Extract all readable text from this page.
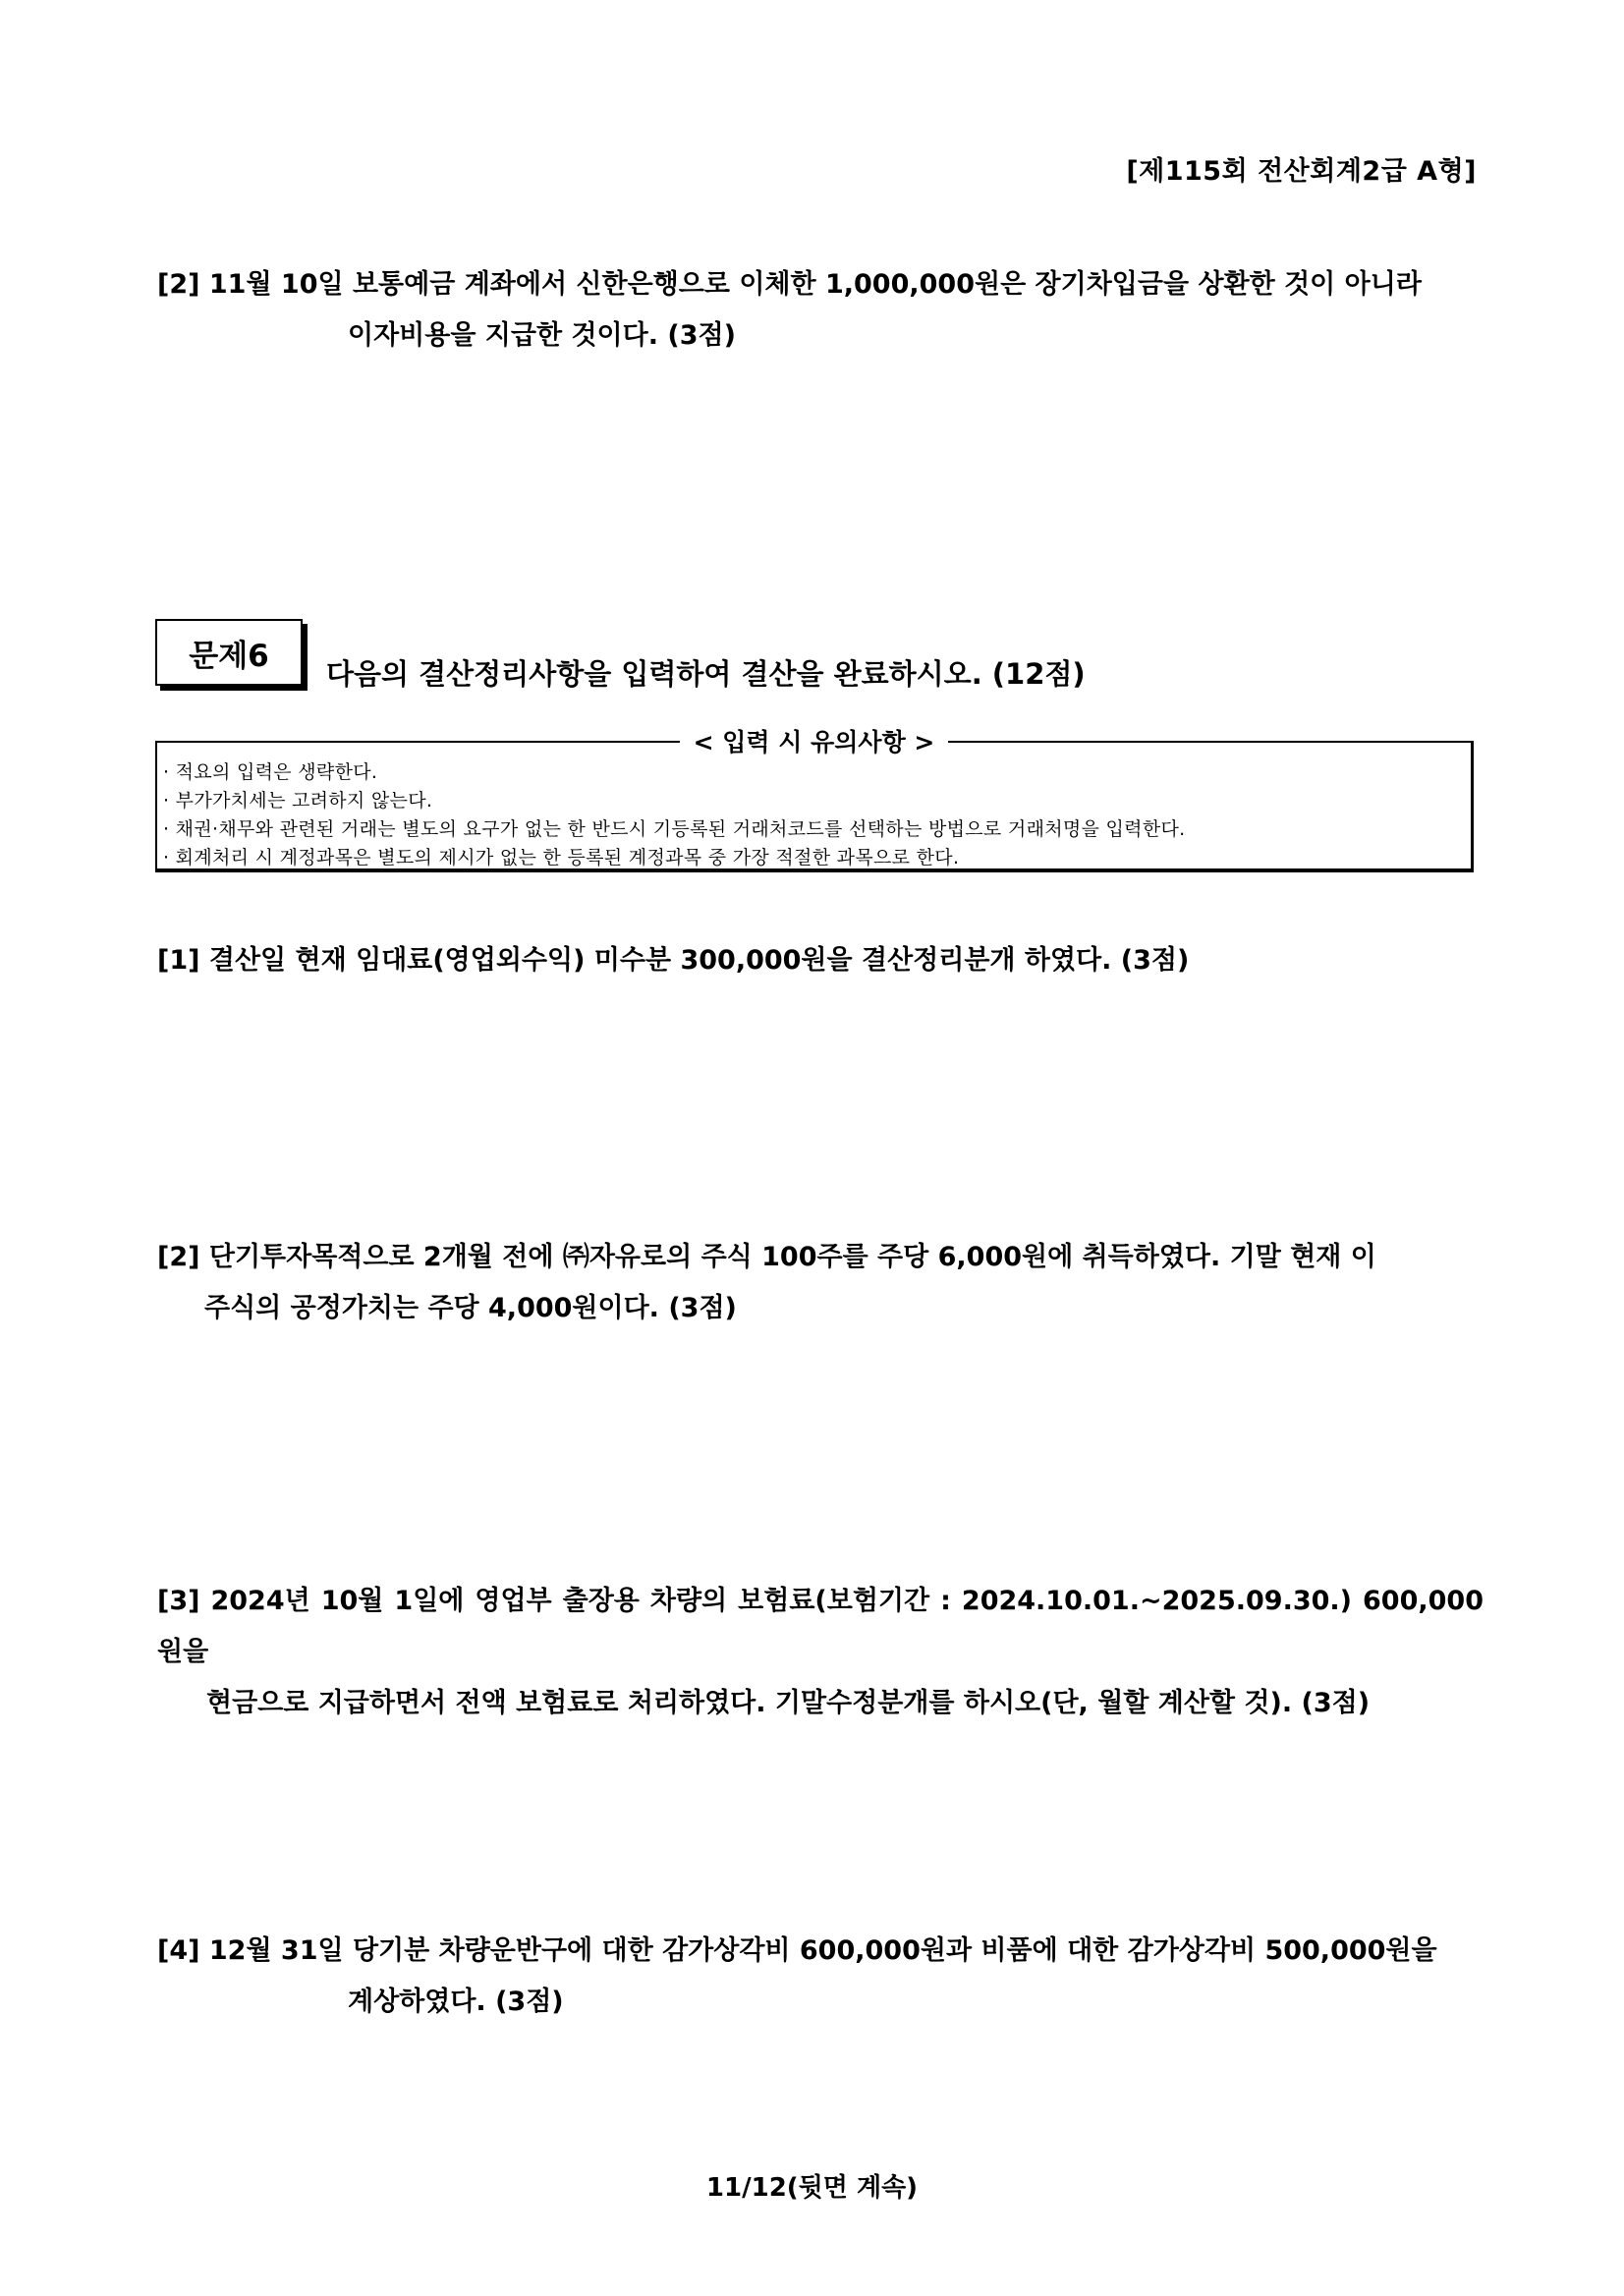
[제115회 전산회계2급 A형]
[2] 11월 10일 보통예금 계좌에서 신한은행으로 이체한 1,000,000원은 장기차입금을 상환한 것이 아니라
이자비용을 지급한 것이다. (3점)
문제6
다음의 결산정리사항을 입력하여 결산을 완료하시오. (12점)
< 입력 시 유의사항 >
· 적요의 입력은 생략한다.
· 부가가치세는 고려하지 않는다.
· 채권·채무와 관련된 거래는 별도의 요구가 없는 한 반드시 기등록된 거래처코드를 선택하는 방법으로 거래처명을 입력한다.
· 회계처리 시 계정과목은 별도의 제시가 없는 한 등록된 계정과목 중 가장 적절한 과목으로 한다.
[1] 결산일 현재 임대료(영업외수익) 미수분 300,000원을 결산정리분개 하였다. (3점)
[2] 단기투자목적으로 2개월 전에 ㈜자유로의 주식 100주를 주당 6,000원에 취득하였다. 기말 현재 이
주식의 공정가치는 주당 4,000원이다. (3점)
[3] 2024년 10월 1일에 영업부 출장용 차량의 보험료(보험기간 : 2024.10.01.~2025.09.30.) 600,000원을
현금으로 지급하면서 전액 보험료로 처리하였다. 기말수정분개를 하시오(단, 월할 계산할 것). (3점)
[4] 12월 31일 당기분 차량운반구에 대한 감가상각비 600,000원과 비품에 대한 감가상각비 500,000원을
계상하였다. (3점)
11/12(뒷면 계속)
